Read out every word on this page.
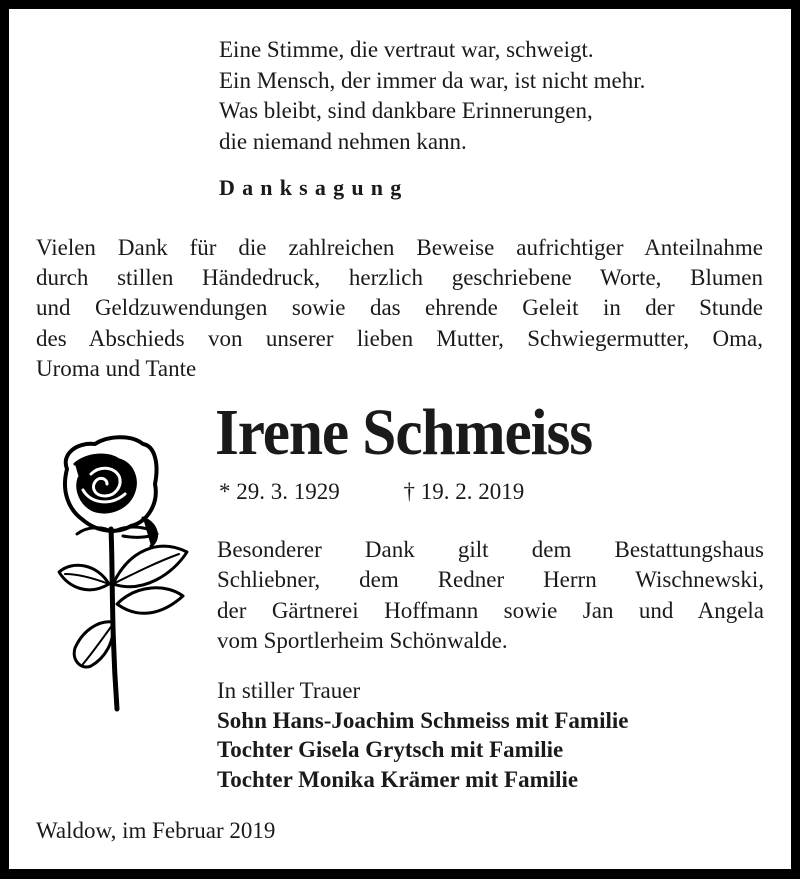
Eine Stimme, die vertraut war, schweigt.
Ein Mensch, der immer da war, ist nicht mehr.
Was bleibt, sind dankbare Erinnerungen,
die niemand nehmen kann.
Danksagung
Vielen Dank für die zahlreichen Beweise aufrichtiger Anteilnahme
durch stillen Händedruck, herzlich geschriebene Worte, Blumen
und Geldzuwendungen sowie das ehrende Geleit in der Stunde
des Abschieds von unserer lieben Mutter, Schwiegermutter, Oma,
Uroma und Tante
Irene Schmeiss
* 29. 3. 1929	† 19. 2. 2019
Besonderer Dank gilt dem Bestattungshaus
Schliebner, dem Redner Herrn Wischnewski,
der Gärtnerei Hoffmann sowie Jan und Angela
vom Sportlerheim Schönwalde.
In stiller Trauer
Sohn Hans-Joachim Schmeiss mit Familie
Tochter Gisela Grytsch mit Familie
Tochter Monika Krämer mit Familie
Waldow, im Februar 2019
